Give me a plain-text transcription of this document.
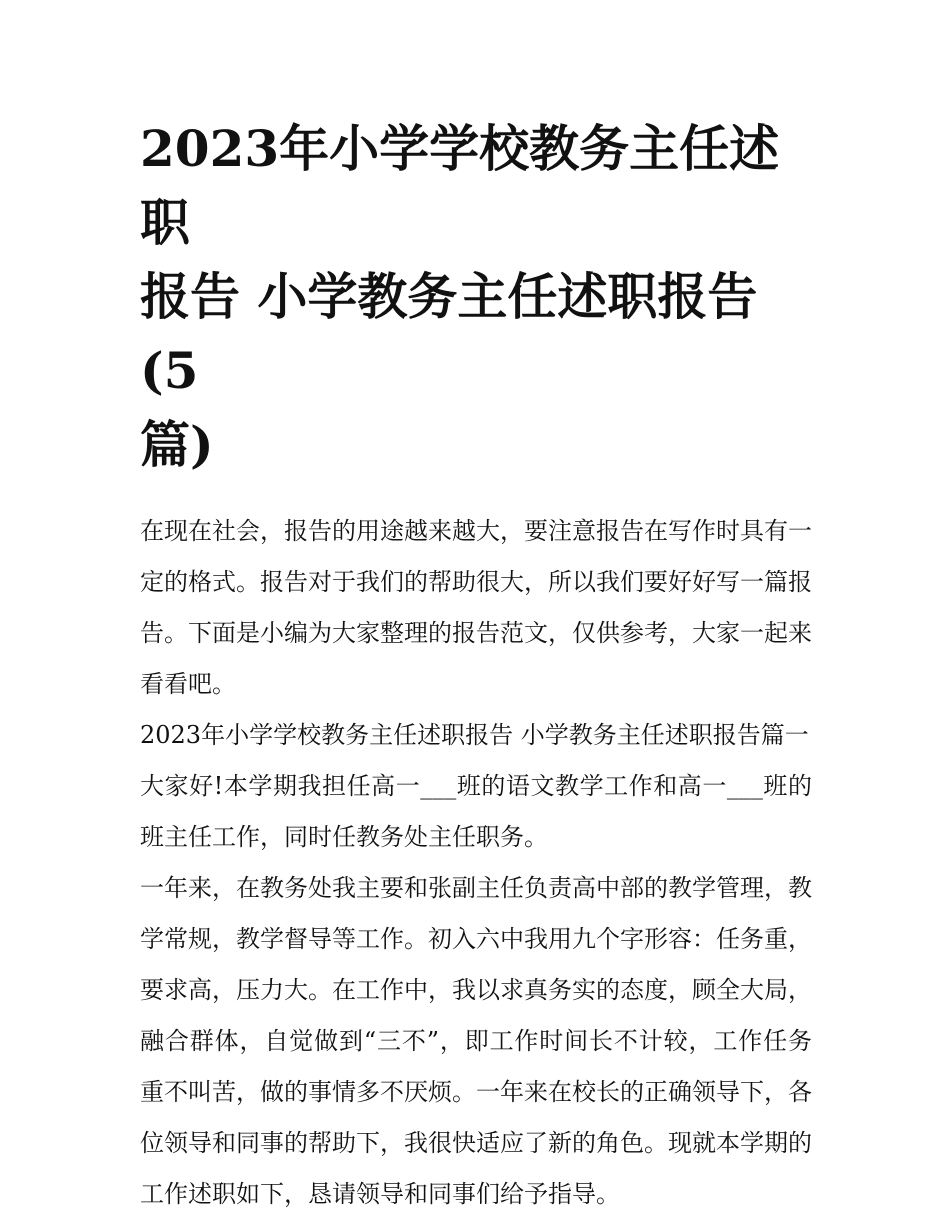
2023年小学学校教务主任述职
报告 小学教务主任述职报告(5
篇)

在现在社会，报告的用途越来越大，要注意报告在写作时具有一定的格式。报告对于我们的帮助很大，所以我们要好好写一篇报告。下面是小编为大家整理的报告范文，仅供参考，大家一起来看看吧。

2023年小学学校教务主任述职报告 小学教务主任述职报告篇一

大家好!本学期我担任高一___班的语文教学工作和高一___班的班主任工作，同时任教务处主任职务。

一年来，在教务处我主要和张副主任负责高中部的教学管理，教学常规，教学督导等工作。初入六中我用九个字形容：任务重，要求高，压力大。在工作中，我以求真务实的态度，顾全大局，融合群体，自觉做到“三不”，即工作时间长不计较，工作任务重不叫苦，做的事情多不厌烦。一年来在校长的正确领导下，各位领导和同事的帮助下，我很快适应了新的角色。现就本学期的工作述职如下，恳请领导和同事们给予指导。
